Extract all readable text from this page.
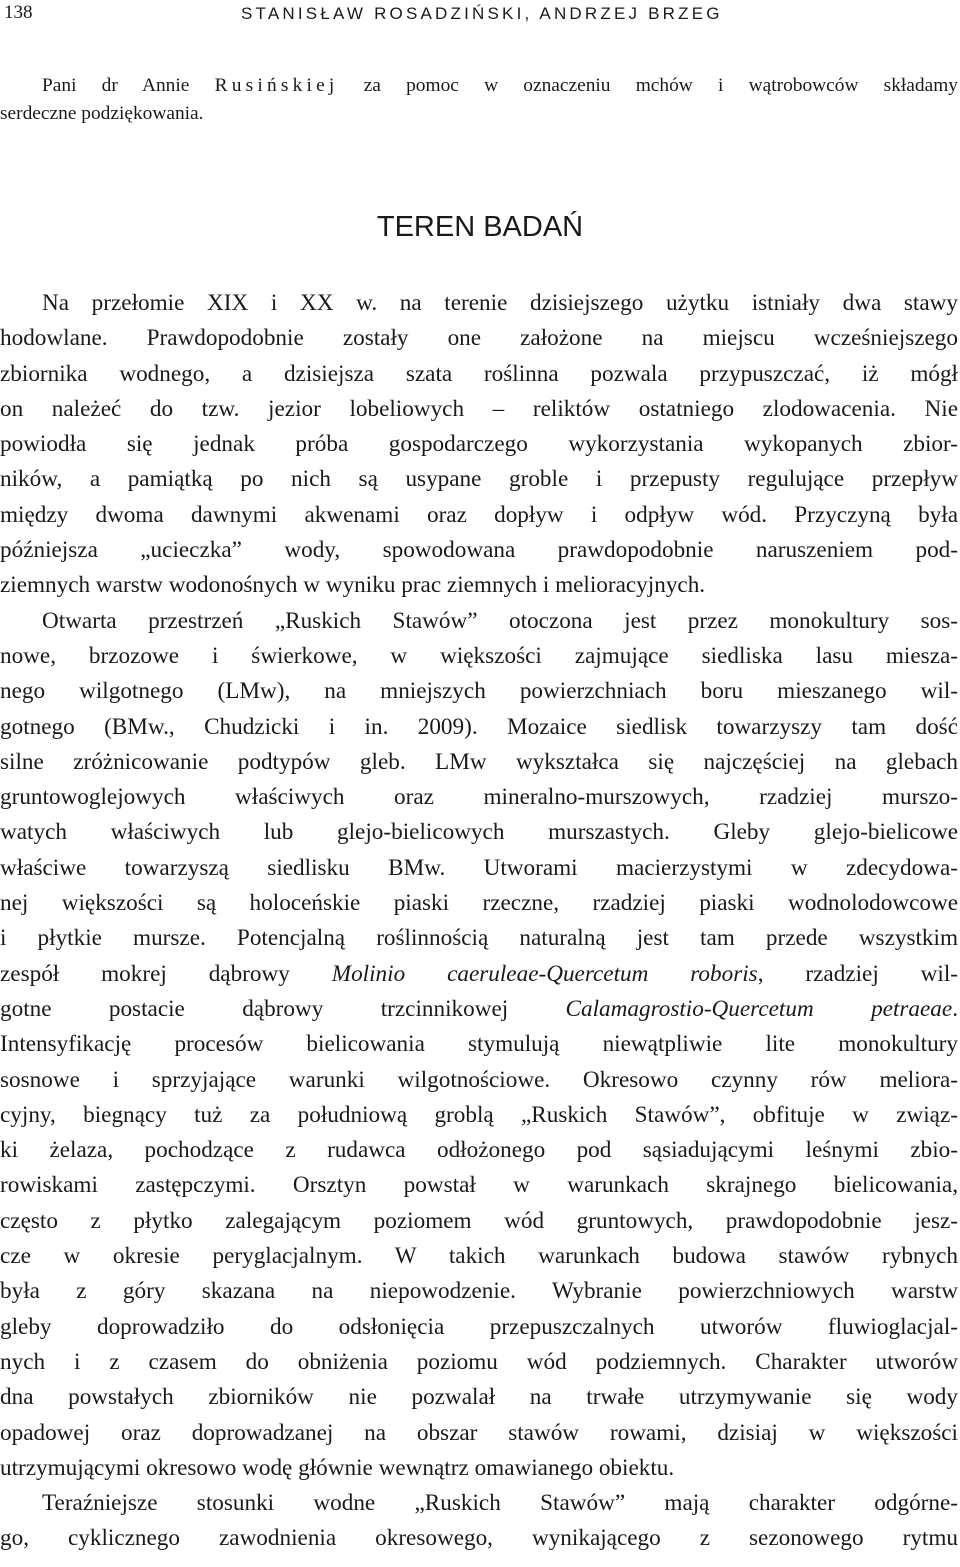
138	STANISŁAW ROSADZIŃSKI, ANDRZEJ BRZEG

Pani dr Annie Rusińskiej za pomoc w oznaczeniu mchów i wątrobowców składamy

serdeczne podziękowania.

TEREN BADAŃ
Na przełomie XIX i XX w. na terenie dzisiejszego użytku istniały dwa stawy
hodowlane. Prawdopodobnie zostały one założone na miejscu wcześniejszego
zbiornika wodnego, a dzisiejsza szata roślinna pozwala przypuszczać, iż mógł
on należeć do tzw. jezior lobeliowych – reliktów ostatniego zlodowacenia. Nie
powiodła się jednak próba gospodarczego wykorzystania wykopanych zbior-
ników, a pamiątką po nich są usypane groble i przepusty regulujące przepływ
między dwoma dawnymi akwenami oraz dopływ i odpływ wód. Przyczyną była
późniejsza „ucieczka” wody, spowodowana prawdopodobnie naruszeniem pod-
ziemnych warstw wodonośnych w wyniku prac ziemnych i melioracyjnych.
Otwarta przestrzeń „Ruskich Stawów” otoczona jest przez monokultury sos-
nowe, brzozowe i świerkowe, w większości zajmujące siedliska lasu miesza-
nego wilgotnego (LMw), na mniejszych powierzchniach boru mieszanego wil-
gotnego (BMw., Chudzicki i in. 2009). Mozaice siedlisk towarzyszy tam dość
silne zróżnicowanie podtypów gleb. LMw wykształca się najczęściej na glebach
gruntowoglejowych właściwych oraz mineralno-murszowych, rzadziej murszo-
watych właściwych lub glejo-bielicowych murszastych. Gleby glejo-bielicowe
właściwe towarzyszą siedlisku BMw. Utworami macierzystymi w zdecydowa-
nej większości są holoceńskie piaski rzeczne, rzadziej piaski wodnolodowcowe
i płytkie mursze. Potencjalną roślinnością naturalną jest tam przede wszystkim
zespół mokrej dąbrowy Molinio caeruleae-Quercetum roboris, rzadziej wil-
gotne postacie dąbrowy trzcinnikowej Calamagrostio-Quercetum petraeae.
Intensyfikację procesów bielicowania stymulują niewątpliwie lite monokultury
sosnowe i sprzyjające warunki wilgotnościowe. Okresowo czynny rów meliora-
cyjny, biegnący tuż za południową groblą „Ruskich Stawów”, obfituje w związ-
ki żelaza, pochodzące z rudawca odłożonego pod sąsiadującymi leśnymi zbio-
rowiskami zastępczymi. Orsztyn powstał w warunkach skrajnego bielicowania,
często z płytko zalegającym poziomem wód gruntowych, prawdopodobnie jesz-
cze w okresie peryglacjalnym. W takich warunkach budowa stawów rybnych
była z góry skazana na niepowodzenie. Wybranie powierzchniowych warstw
gleby doprowadziło do odsłonięcia przepuszczalnych utworów fluwioglacjal-
nych i z czasem do obniżenia poziomu wód podziemnych. Charakter utworów
dna powstałych zbiorników nie pozwalał na trwałe utrzymywanie się wody
opadowej oraz doprowadzanej na obszar stawów rowami, dzisiaj w większości
utrzymującymi okresowo wodę głównie wewnątrz omawianego obiektu.
Teraźniejsze stosunki wodne „Ruskich Stawów” mają charakter odgórne-
go, cyklicznego zawodnienia okresowego, wynikającego z sezonowego rytmu
